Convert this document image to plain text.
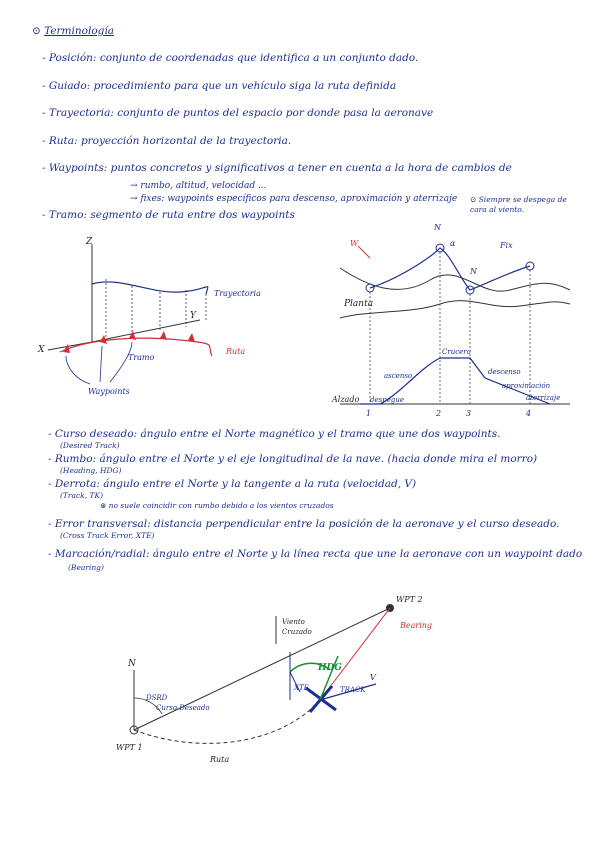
⊙ Terminología
- Posición: conjunto de coordenadas que identifica a un conjunto dado.
- Guiado: procedimiento para que un vehículo siga la ruta definida
- Trayectoria: conjunto de puntos del espacio por donde pasa la aeronave
- Ruta: proyección horizontal de la trayectoria.
- Waypoints: puntos concretos y significativos a tener en cuenta a la hora de cambios de
→ rumbo, altitud, velocidad ...
→ fixes: waypoints específicos para descenso, aproximación y aterrizaje
- Tramo: segmento de ruta entre dos waypoints
⊙ Siempre se despega de cara al viento.
Z
Y
X
Trayectoria
Ruta
Tramo
Waypoints
Planta
N
N
α
W	Fix
Alzado despegue
ascenso
Crucero
descenso
aproximación
aterrizaje
1	2	3	4
- Curso deseado: ángulo entre el Norte magnético y el tramo que une dos waypoints.
(Desired Track)
- Rumbo: ángulo entre el Norte y el eje longitudinal de la nave. (hacia donde mira el morro)
(Heading, HDG)
- Derrota: ángulo entre el Norte y la tangente a la ruta (velocidad, V)
(Track, TK)
⊛ no suele coincidir con rumbo debido a los vientos cruzados
- Error transversal: distancia perpendicular entre la posición de la aeronave y el curso deseado.
(Cross Track Error, XTE)
- Marcación/radial: ángulo entre el Norte y la línea recta que une la aeronave con un waypoint dado
(Bearing)
N
DSRD
Curso Deseado
Ruta
WPT 1
WPT 2
Bearing
HDG
TRACK
V
XTE
Viento
Cruzado
